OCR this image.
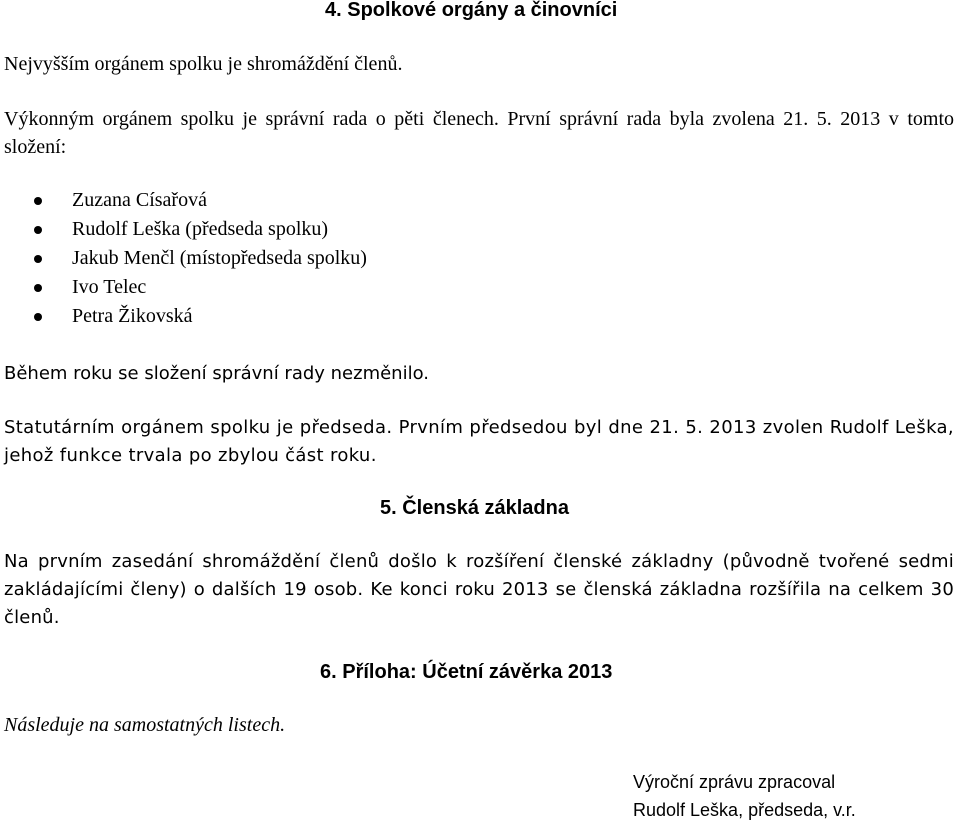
4. Spolkové orgány a činovníci

Nejvyšším orgánem spolku je shromáždění členů.

Výkonným orgánem spolku je správní rada o pěti členech. První správní rada byla zvolena 21. 5. 2013 v tomto složení:

Zuzana Císařová
Rudolf Leška (předseda spolku)
Jakub Menčl (místopředseda spolku)
Ivo Telec
Petra Žikovská

Během roku se složení správní rady nezměnilo.

Statutárním orgánem spolku je předseda. Prvním předsedou byl dne 21. 5. 2013 zvolen Rudolf Leška, jehož funkce trvala po zbylou část roku.

5. Členská základna

Na prvním zasedání shromáždění členů došlo k rozšíření členské základny (původně tvořené sedmi zakládajícími členy) o dalších 19 osob. Ke konci roku 2013 se členská základna rozšířila na celkem 30 členů.

6. Příloha: Účetní závěrka 2013

Následuje na samostatných listech.

Výroční zprávu zpracoval
Rudolf Leška, předseda, v.r.
